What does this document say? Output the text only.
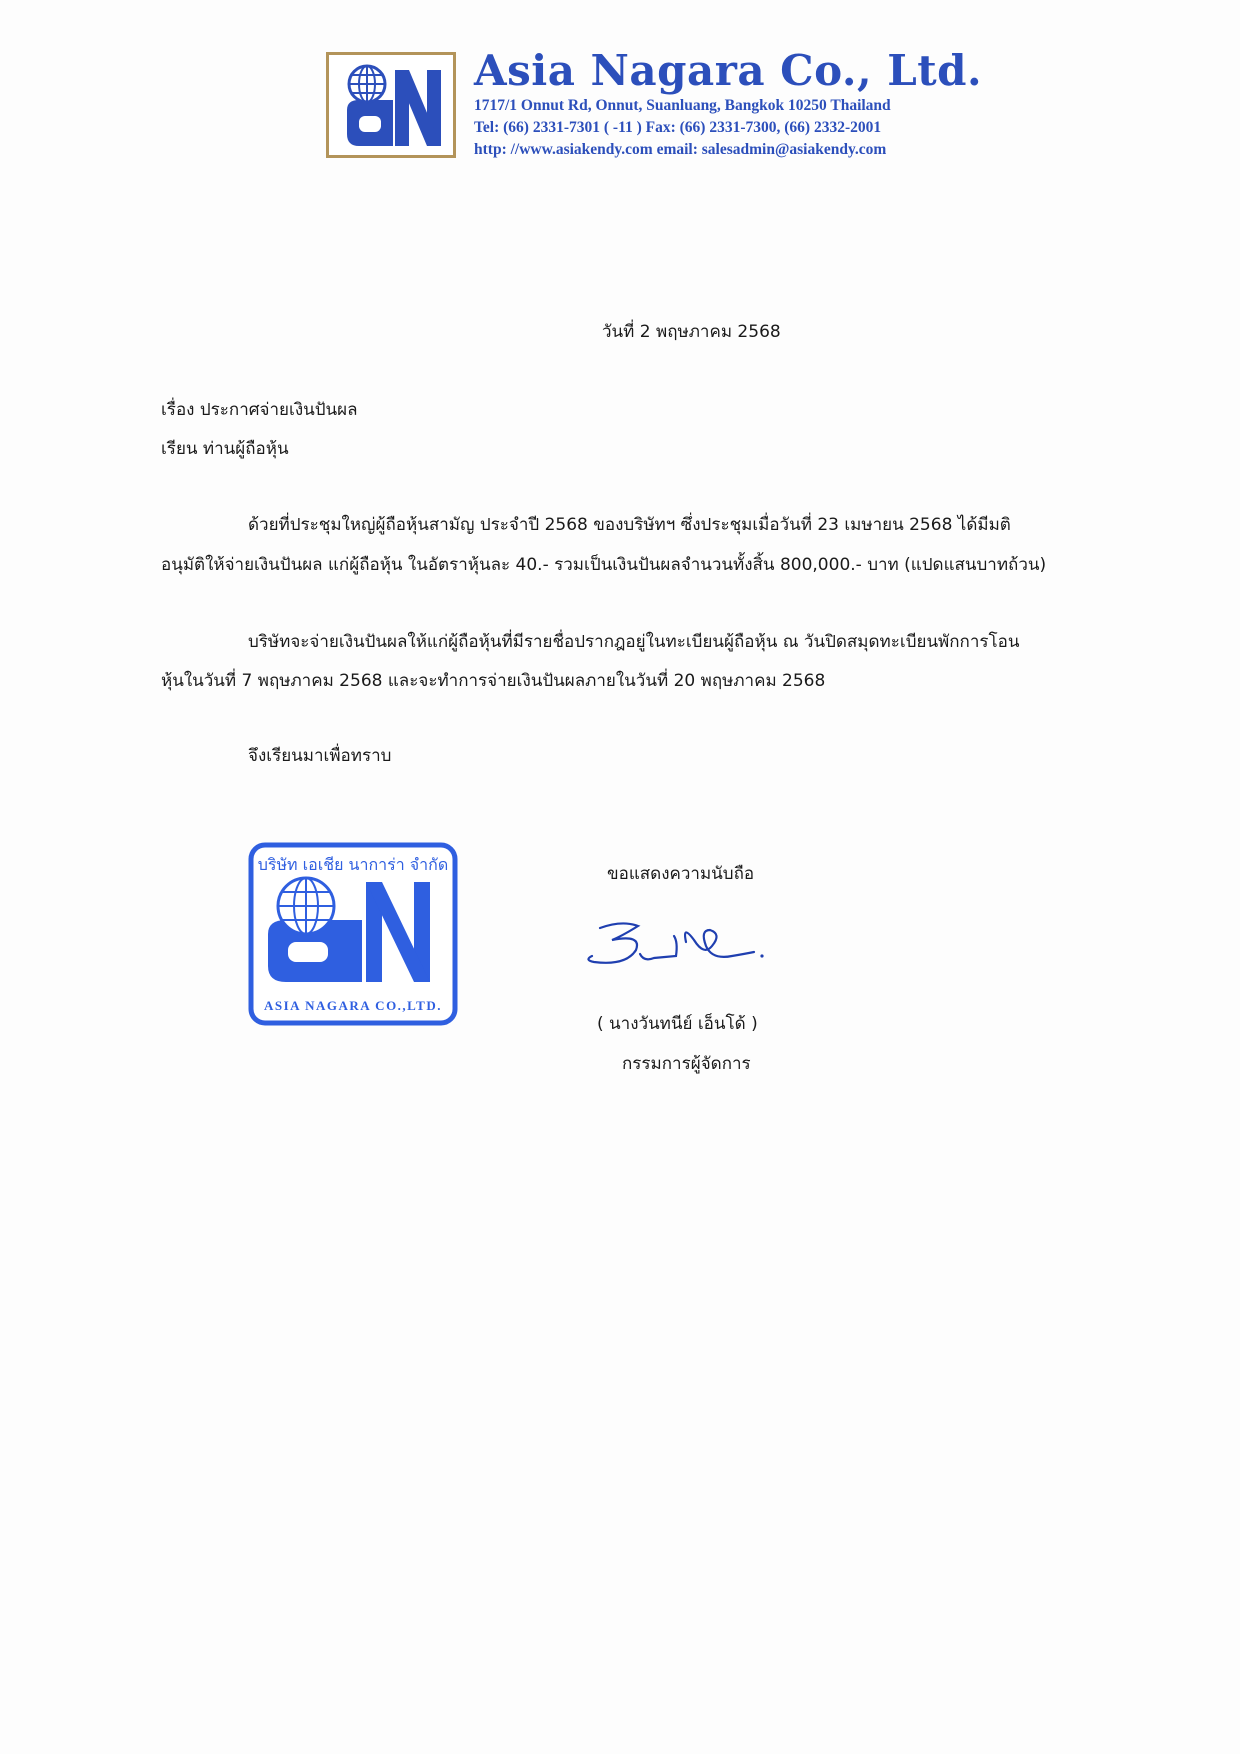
Asia Nagara Co., Ltd.
1717/1 Onnut Rd, Onnut, Suanluang, Bangkok 10250 Thailand
Tel: (66) 2331-7301 ( -11 ) Fax: (66) 2331-7300, (66) 2332-2001
http: //www.asiakendy.com email: salesadmin@asiakendy.com
วันที่ 2 พฤษภาคม 2568
เรื่อง ประกาศจ่ายเงินปันผล
เรียน ท่านผู้ถือหุ้น
ด้วยที่ประชุมใหญ่ผู้ถือหุ้นสามัญ ประจำปี 2568 ของบริษัทฯ ซึ่งประชุมเมื่อวันที่ 23 เมษายน 2568 ได้มีมติ
อนุมัติให้จ่ายเงินปันผล แก่ผู้ถือหุ้น ในอัตราหุ้นละ 40.- รวมเป็นเงินปันผลจำนวนทั้งสิ้น 800,000.- บาท (แปดแสนบาทถ้วน)
บริษัทจะจ่ายเงินปันผลให้แก่ผู้ถือหุ้นที่มีรายชื่อปรากฎอยู่ในทะเบียนผู้ถือหุ้น ณ วันปิดสมุดทะเบียนพักการโอน
หุ้นในวันที่ 7 พฤษภาคม 2568 และจะทำการจ่ายเงินปันผลภายในวันที่ 20 พฤษภาคม 2568
จึงเรียนมาเพื่อทราบ
ขอแสดงความนับถือ
บริษัท เอเชีย นาการ่า จำกัด
ASIA NAGARA CO.,LTD.
( นางวันทนีย์ เอ็นโด้ )
กรรมการผู้จัดการ
